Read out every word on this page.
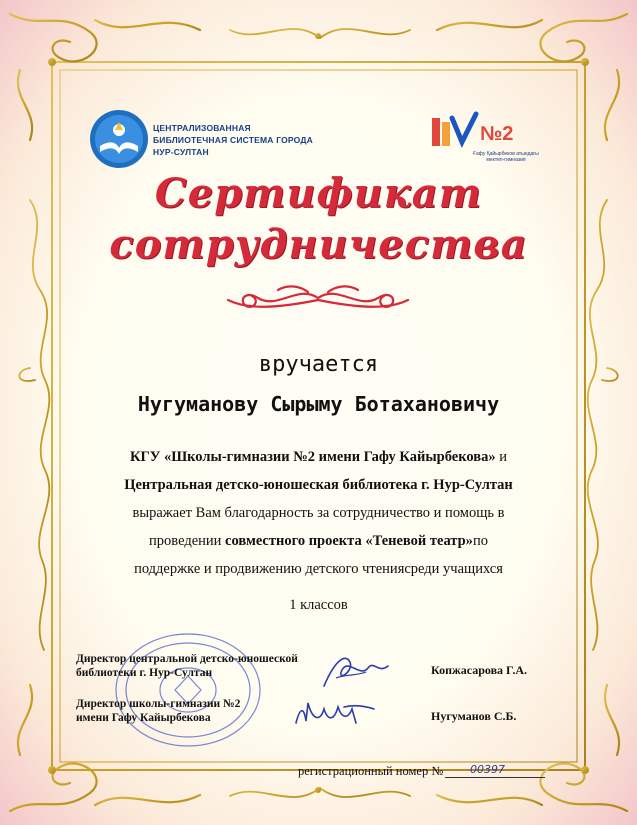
ЦЕНТРАЛИЗОВАННАЯ БИБЛИОТЕЧНАЯ СИСТЕМА ГОРОДА НУР-СУЛТАН
№2
Ғафу Қайырбеков атындағы мектеп-гимназия
Сертификат
сотрудничества
вручается
Нугуманову Сырыму Ботахановичу
КГУ «Школы-гимназии №2 имени Гафу Кайырбекова» и
Центральная детско-юношеская библиотека г. Нур-Султан
выражает Вам благодарность за сотрудничество и помощь в
проведении совместного проекта «Теневой театр»по
поддержке и продвижению детского чтениясреди учащихся
1 классов
Директор центральной детско-юношеской библиотеки г. Нур-Султан
Директор школы-гимназии №2 имени Гафу Кайырбекова
Копжасарова Г.А.
Нугуманов С.Б.
регистрационный номер № 00397
